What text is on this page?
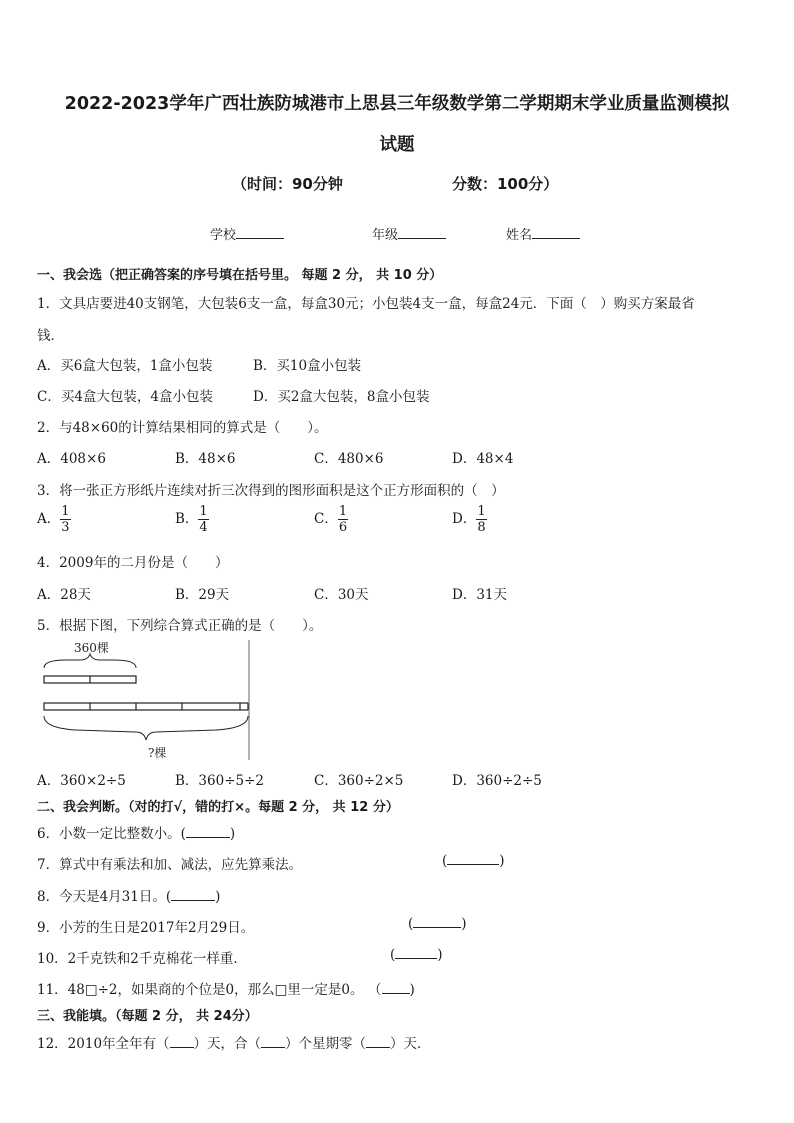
2022-2023学年广西壮族防城港市上思县三年级数学第二学期期末学业质量监测模拟
试题
（时间：90分钟	分数：100分）
学校	年级	姓名
一、我会选（把正确答案的序号填在括号里。 每题 2 分， 共 10 分）
1．文具店要进40支钢笔，大包装6支一盒，每盒30元；小包装4支一盒，每盒24元．下面（　）购买方案最省
钱．
A．买6盒大包装，1盒小包装	B．买10盒小包装
C．买4盒大包装，4盒小包装	D．买2盒大包装，8盒小包装
2．与48×60的计算结果相同的算式是（　　）。
A．408×6	B．48×6	C．480×6	D．48×4
3．将一张正方形纸片连续对折三次得到的图形面积是这个正方形面积的（　）
A． $\frac{1}{3}$	B． $\frac{1}{4}$	C． $\frac{1}{6}$	D． $\frac{1}{8}$
4．2009年的二月份是（　　）
A．28天	B．29天	C．30天	D．31天
5．根据下图，下列综合算式正确的是（　　）。
360棵
?棵
A．360×2÷5	B．360÷5÷2	C．360÷2×5	D．360÷2÷5
二、我会判断。（对的打√，错的打×。每题 2 分， 共 12 分）
6．小数一定比整数小。(	)
7．算式中有乘法和加、减法，应先算乘法。	(	)
8．今天是4月31日。(	)
9．小芳的生日是2017年2月29日。	(	)
10．2千克铁和2千克棉花一样重．	(	)
11．48□÷2，如果商的个位是0，那么□里一定是0。 （ )
三、我能填。（每题 2 分， 共 24分）
12．2010年全年有（ ）天，合（ ）个星期零（ ）天．
